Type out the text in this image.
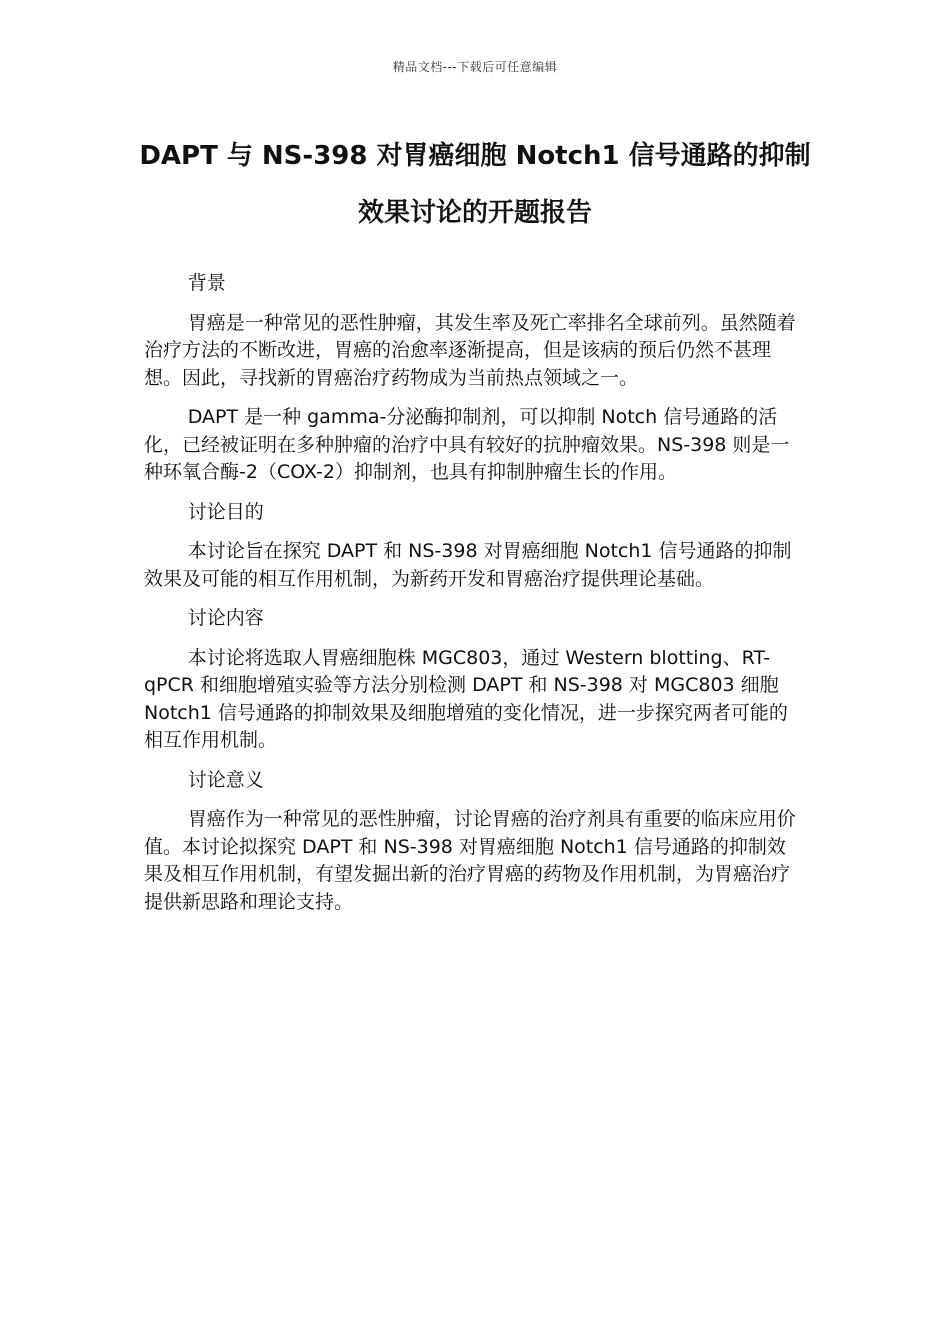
精品文档---下载后可任意编辑
DAPT 与 NS-398 对胃癌细胞 Notch1 信号通路的抑制效果讨论的开题报告

背景

胃癌是一种常见的恶性肿瘤，其发生率及死亡率排名全球前列。虽然随着治疗方法的不断改进，胃癌的治愈率逐渐提高，但是该病的预后仍然不甚理想。因此，寻找新的胃癌治疗药物成为当前热点领域之一。

DAPT 是一种 gamma-分泌酶抑制剂，可以抑制 Notch 信号通路的活化，已经被证明在多种肿瘤的治疗中具有较好的抗肿瘤效果。NS-398 则是一种环氧合酶-2（COX-2）抑制剂，也具有抑制肿瘤生长的作用。

讨论目的

本讨论旨在探究 DAPT 和 NS-398 对胃癌细胞 Notch1 信号通路的抑制效果及可能的相互作用机制，为新药开发和胃癌治疗提供理论基础。

讨论内容

本讨论将选取人胃癌细胞株 MGC803，通过 Western blotting、RT-qPCR 和细胞增殖实验等方法分别检测 DAPT 和 NS-398 对 MGC803 细胞 Notch1 信号通路的抑制效果及细胞增殖的变化情况，进一步探究两者可能的相互作用机制。

讨论意义

胃癌作为一种常见的恶性肿瘤，讨论胃癌的治疗剂具有重要的临床应用价值。本讨论拟探究 DAPT 和 NS-398 对胃癌细胞 Notch1 信号通路的抑制效果及相互作用机制，有望发掘出新的治疗胃癌的药物及作用机制，为胃癌治疗提供新思路和理论支持。
